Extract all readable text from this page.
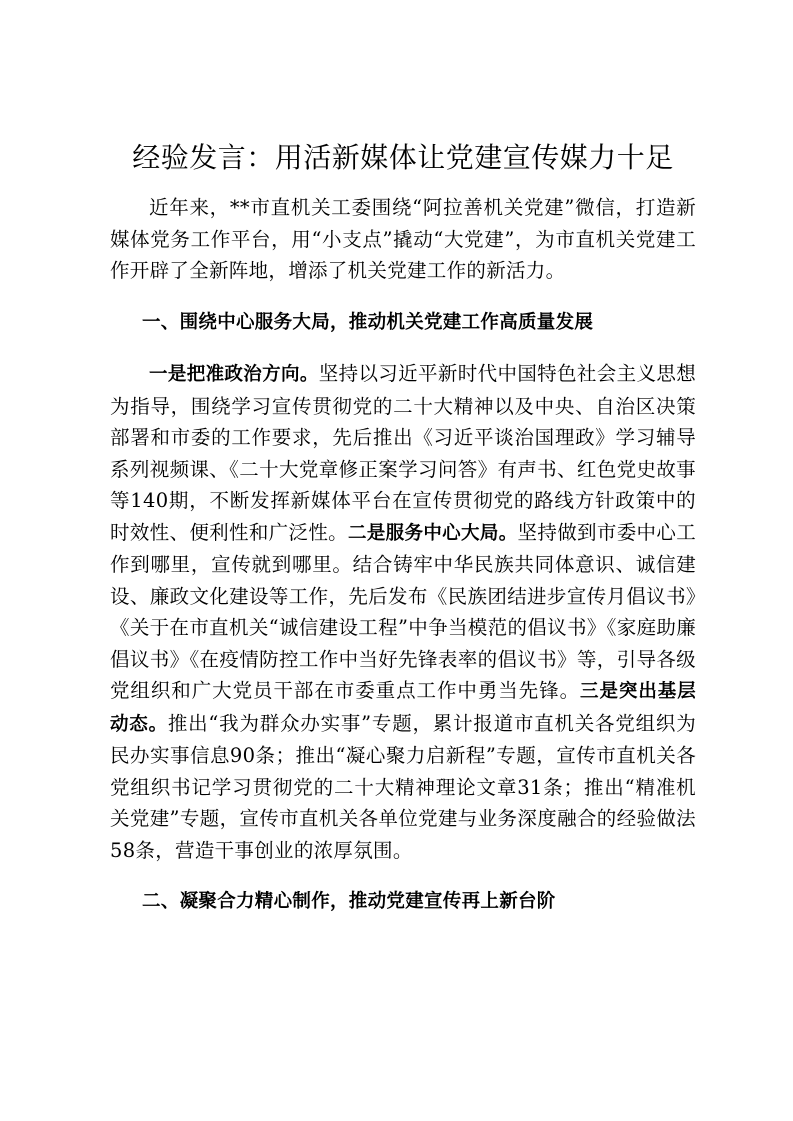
经验发言：用活新媒体让党建宣传媒力十足

近年来，**市直机关工委围绕“阿拉善机关党建”微信，打造新媒体党务工作平台，用“小支点”撬动“大党建”，为市直机关党建工作开辟了全新阵地，增添了机关党建工作的新活力。

一、围绕中心服务大局，推动机关党建工作高质量发展

一是把准政治方向。坚持以习近平新时代中国特色社会主义思想为指导，围绕学习宣传贯彻党的二十大精神以及中央、自治区决策部署和市委的工作要求，先后推出《习近平谈治国理政》学习辅导系列视频课、《二十大党章修正案学习问答》有声书、红色党史故事等140期，不断发挥新媒体平台在宣传贯彻党的路线方针政策中的时效性、便利性和广泛性。二是服务中心大局。坚持做到市委中心工作到哪里，宣传就到哪里。结合铸牢中华民族共同体意识、诚信建设、廉政文化建设等工作，先后发布《民族团结进步宣传月倡议书》《关于在市直机关“诚信建设工程”中争当模范的倡议书》《家庭助廉倡议书》《在疫情防控工作中当好先锋表率的倡议书》等，引导各级党组织和广大党员干部在市委重点工作中勇当先锋。三是突出基层动态。推出“我为群众办实事”专题，累计报道市直机关各党组织为民办实事信息90条；推出“凝心聚力启新程”专题，宣传市直机关各党组织书记学习贯彻党的二十大精神理论文章31条；推出“精准机关党建”专题，宣传市直机关各单位党建与业务深度融合的经验做法58条，营造干事创业的浓厚氛围。

二、凝聚合力精心制作，推动党建宣传再上新台阶
